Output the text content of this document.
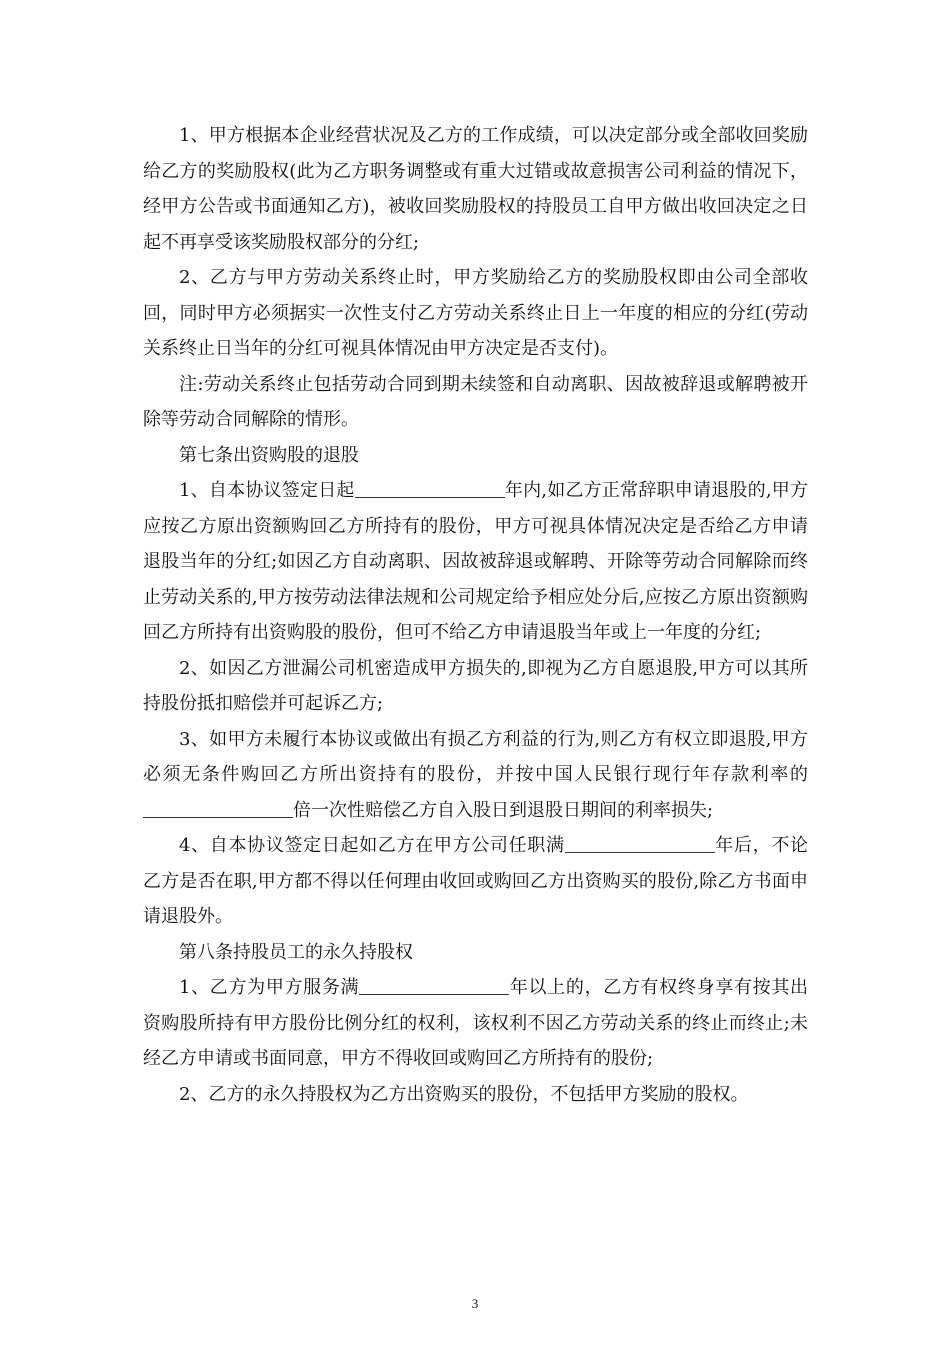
1、甲方根据本企业经营状况及乙方的工作成绩，可以决定部分或全部收回奖励给乙方的奖励股权(此为乙方职务调整或有重大过错或故意损害公司利益的情况下，经甲方公告或书面通知乙方)，被收回奖励股权的持股员工自甲方做出收回决定之日起不再享受该奖励股权部分的分红;

2、乙方与甲方劳动关系终止时，甲方奖励给乙方的奖励股权即由公司全部收回，同时甲方必须据实一次性支付乙方劳动关系终止日上一年度的相应的分红(劳动关系终止日当年的分红可视具体情况由甲方决定是否支付)。

注:劳动关系终止包括劳动合同到期未续签和自动离职、因故被辞退或解聘被开除等劳动合同解除的情形。

第七条出资购股的退股

1、自本协议签定日起	年内,如乙方正常辞职申请退股的,甲方应按乙方原出资额购回乙方所持有的股份，甲方可视具体情况决定是否给乙方申请退股当年的分红;如因乙方自动离职、因故被辞退或解聘、开除等劳动合同解除而终止劳动关系的,甲方按劳动法律法规和公司规定给予相应处分后,应按乙方原出资额购回乙方所持有出资购股的股份，但可不给乙方申请退股当年或上一年度的分红;

2、如因乙方泄漏公司机密造成甲方损失的,即视为乙方自愿退股,甲方可以其所持股份抵扣赔偿并可起诉乙方;

3、如甲方未履行本协议或做出有损乙方利益的行为,则乙方有权立即退股,甲方必须无条件购回乙方所出资持有的股份，并按中国人民银行现行年存款利率的倍一次性赔偿乙方自入股日到退股日期间的利率损失;

4、自本协议签定日起如乙方在甲方公司任职满	年后，不论乙方是否在职,甲方都不得以任何理由收回或购回乙方出资购买的股份,除乙方书面申请退股外。

第八条持股员工的永久持股权

1、乙方为甲方服务满	年以上的，乙方有权终身享有按其出资购股所持有甲方股份比例分红的权利，该权利不因乙方劳动关系的终止而终止;未经乙方申请或书面同意，甲方不得收回或购回乙方所持有的股份;

2、乙方的永久持股权为乙方出资购买的股份，不包括甲方奖励的股权。

3
